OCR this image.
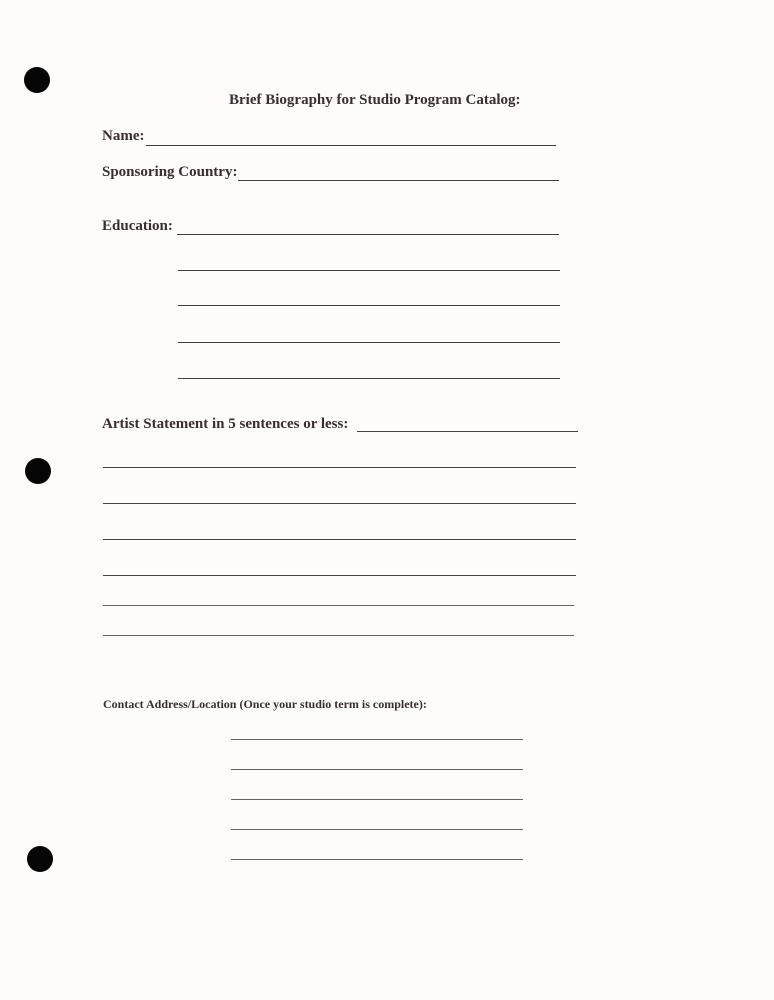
Brief Biography for Studio Program Catalog:
Name:
Sponsoring Country:
Education:
Artist Statement in 5 sentences or less:
Contact Address/Location (Once your studio term is complete):
